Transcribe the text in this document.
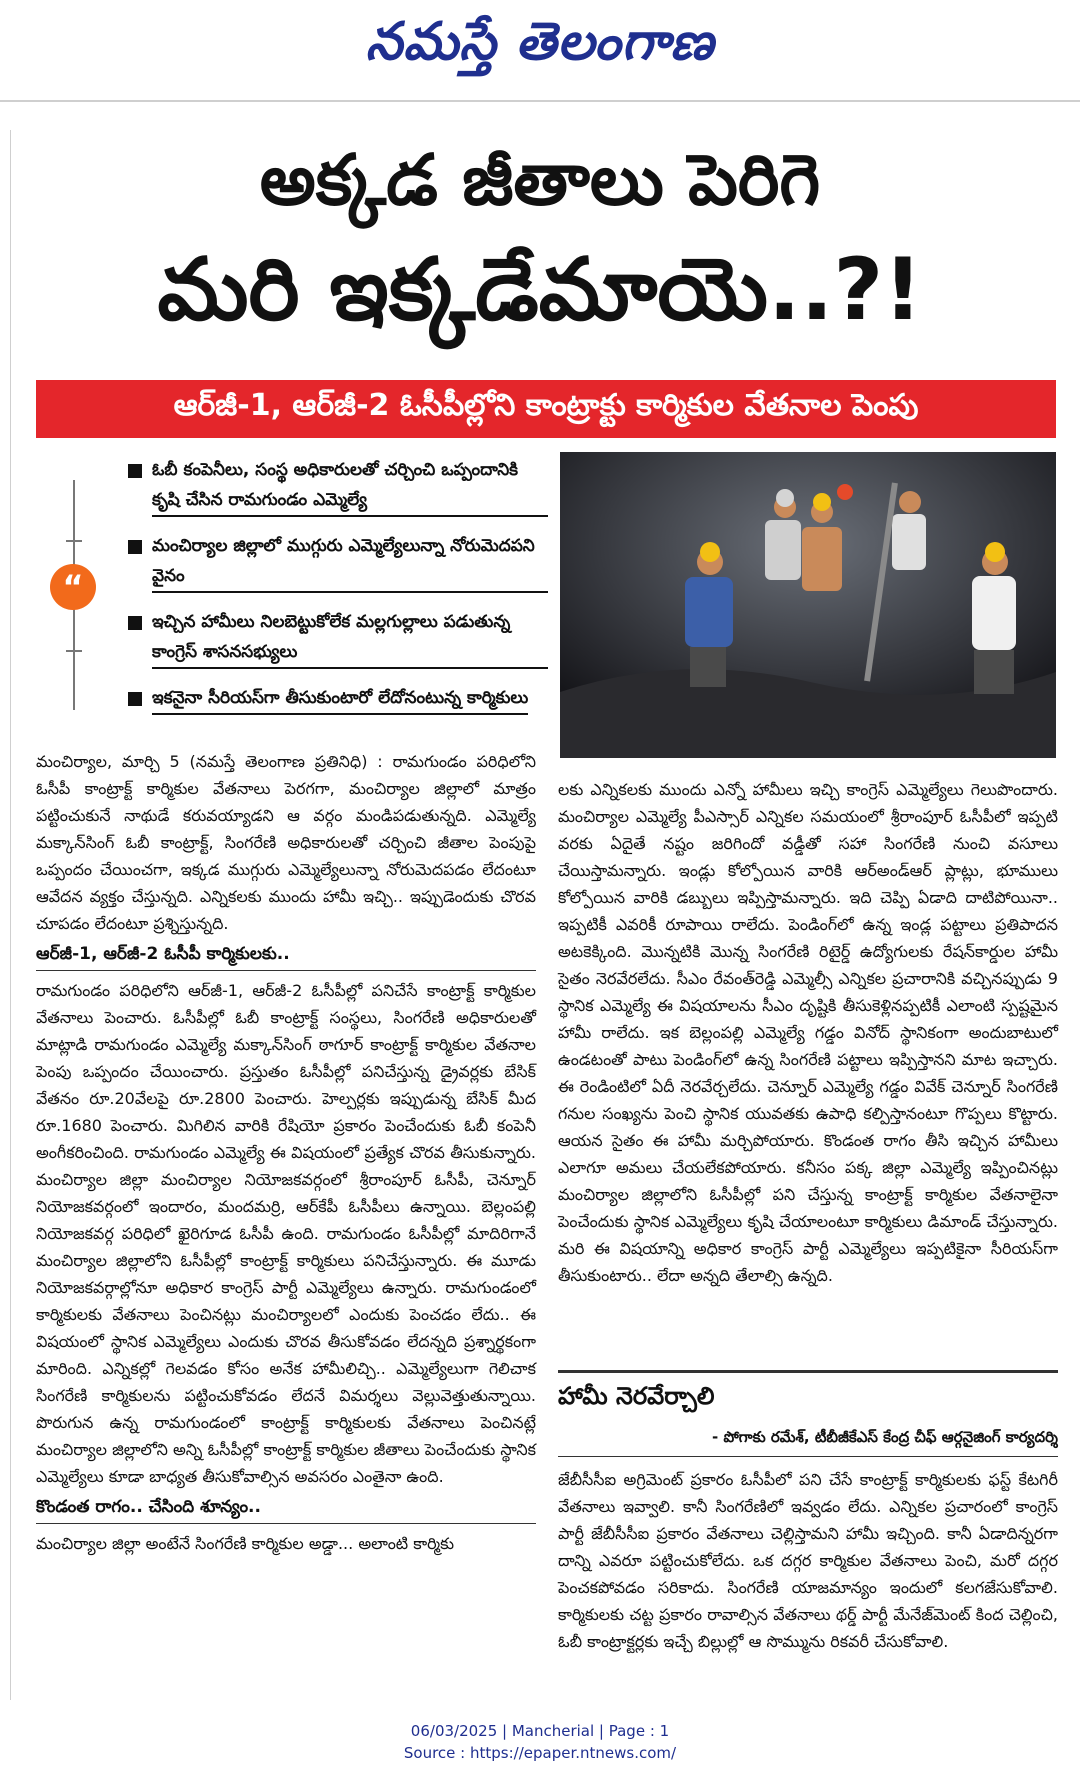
నమస్తే తెలంగాణ
అక్కడ జీతాలు పెరిగె
మరి ఇక్కడేమాయె..?!
ఆర్‌జీ-1, ఆర్‌జీ-2 ఓసీపీల్లోని కాంట్రాక్టు కార్మికుల వేతనాల పెంపు
“
ఓబీ కంపెనీలు, సంస్థ అధికారులతో చర్చించి ఒప్పందానికి కృషి చేసిన రామగుండం ఎమ్మెల్యే
మంచిర్యాల జిల్లాలో ముగ్గురు ఎమ్మెల్యేలున్నా నోరుమెదపని వైనం
ఇచ్చిన హామీలు నిలబెట్టుకోలేక మల్లగుల్లాలు పడుతున్న కాంగ్రెస్‌ శాసనసభ్యులు
ఇకనైనా సీరియస్‌గా తీసుకుంటారో లేదోనంటున్న కార్మికులు

మంచిర్యాల, మార్చి 5 (నమస్తే తెలంగాణ ప్రతినిధి) : రామగుండం పరిధిలోని ఓసీపీ కాంట్రాక్ట్‌ కార్మికుల వేతనాలు పెరగగా, మంచిర్యాల జిల్లాలో మాత్రం పట్టించుకునే నాథుడే కరువయ్యాడని ఆ వర్గం మండిపడుతున్నది. ఎమ్మెల్యే మక్కాన్‌సింగ్‌ ఓబీ కాంట్రాక్ట్‌, సింగరేణి అధికారులతో చర్చించి జీతాల పెంపుపై ఒప్పందం చేయించగా, ఇక్కడ ముగ్గురు ఎమ్మెల్యేలున్నా నోరుమెదపడం లేదంటూ ఆవేదన వ్యక్తం చేస్తున్నది. ఎన్నికలకు ముందు హామీ ఇచ్చి.. ఇప్పుడెందుకు చొరవ చూపడం లేదంటూ ప్రశ్నిస్తున్నది.

ఆర్‌జీ-1, ఆర్‌జీ-2 ఓసీపీ కార్మికులకు..

రామగుండం పరిధిలోని ఆర్‌జీ-1, ఆర్‌జీ-2 ఓసీపీల్లో పనిచేసే కాంట్రాక్ట్‌ కార్మికుల వేతనాలు పెంచారు. ఓసీపీల్లో ఓబీ కాంట్రాక్ట్‌ సంస్థలు, సింగరేణి అధికారులతో మాట్లాడి రామగుండం ఎమ్మెల్యే మక్కాన్‌సింగ్‌ ఠాగూర్‌ కాంట్రాక్ట్‌ కార్మికుల వేతనాల పెంపు ఒప్పందం చేయించారు. ప్రస్తుతం ఓసీపీల్లో పనిచేస్తున్న డ్రైవర్లకు బేసిక్‌ వేతనం రూ.20వేలపై రూ.2800 పెంచారు. హెల్పర్లకు ఇప్పుడున్న బేసిక్‌ మీద రూ.1680 పెంచారు. మిగిలిన వారికి రేషియో ప్రకారం పెంచేందుకు ఓబీ కంపెనీ అంగీకరించింది. రామగుండం ఎమ్మెల్యే ఈ విషయంలో ప్రత్యేక చొరవ తీసుకున్నారు. మంచిర్యాల జిల్లా మంచిర్యాల నియోజకవర్గంలో శ్రీరాంపూర్‌ ఓసీపీ, చెన్నూర్‌ నియోజకవర్గంలో ఇందారం, మందమర్రి, ఆర్‌కేపీ ఓసీపీలు ఉన్నాయి. బెల్లంపల్లి నియోజకవర్గ పరిధిలో ఖైరిగూడ ఓసీపీ ఉంది. రామగుండం ఓసీపీల్లో మాదిరిగానే మంచిర్యాల జిల్లాలోని ఓసీపీల్లో కాంట్రాక్ట్‌ కార్మికులు పనిచేస్తున్నారు. ఈ మూడు నియోజకవర్గాల్లోనూ అధికార కాంగ్రెస్‌ పార్టీ ఎమ్మెల్యేలు ఉన్నారు. రామగుండంలో కార్మికులకు వేతనాలు పెంచినట్లు మంచిర్యాలలో ఎందుకు పెంచడం లేదు.. ఈ విషయంలో స్థానిక ఎమ్మెల్యేలు ఎందుకు చొరవ తీసుకోవడం లేదన్నది ప్రశ్నార్థకంగా మారింది. ఎన్నికల్లో గెలవడం కోసం అనేక హామీలిచ్చి.. ఎమ్మెల్యేలుగా గెలిచాక సింగరేణి కార్మికులను పట్టించుకోవడం లేదనే విమర్శలు వెల్లువెత్తుతున్నాయి. పొరుగున ఉన్న రామగుండంలో కాంట్రాక్ట్‌ కార్మికులకు వేతనాలు పెంచినట్లే మంచిర్యాల జిల్లాలోని అన్ని ఓసీపీల్లో కాంట్రాక్ట్‌ కార్మికుల జీతాలు పెంచేందుకు స్థానిక ఎమ్మెల్యేలు కూడా బాధ్యత తీసుకోవాల్సిన అవసరం ఎంతైనా ఉంది.

కొండంత రాగం.. చేసింది శూన్యం..

మంచిర్యాల జిల్లా అంటేనే సింగరేణి కార్మికుల అడ్డా... అలాంటి కార్మికు

లకు ఎన్నికలకు ముందు ఎన్నో హామీలు ఇచ్చి కాంగ్రెస్‌ ఎమ్మెల్యేలు గెలుపొందారు. మంచిర్యాల ఎమ్మెల్యే పీఎస్సార్‌ ఎన్నికల సమయంలో శ్రీరాంపూర్‌ ఓసీపీలో ఇప్పటి వరకు ఏదైతే నష్టం జరిగిందో వడ్డీతో సహా సింగరేణి నుంచి వసూలు చేయిస్తామన్నారు. ఇండ్లు కోల్పోయిన వారికి ఆర్‌అండ్‌ఆర్‌ ప్లాట్లు, భూములు కోల్పోయిన వారికి డబ్బులు ఇప్పిస్తామన్నారు. ఇది చెప్పి ఏడాది దాటిపోయినా.. ఇప్పటికీ ఎవరికీ రూపాయి రాలేదు. పెండింగ్‌లో ఉన్న ఇండ్ల పట్టాలు ప్రతిపాదన అటకెక్కింది. మొన్నటికి మొన్న సింగరేణి రిటైర్డ్‌ ఉద్యోగులకు రేషన్‌కార్డుల హామీ సైతం నెరవేరలేదు. సీఎం రేవంత్‌రెడ్డి ఎమ్మెల్సీ ఎన్నికల ప్రచారానికి వచ్చినప్పుడు 9 స్థానిక ఎమ్మెల్యే ఈ విషయాలను సీఎం దృష్టికి తీసుకెళ్లినప్పటికీ ఎలాంటి స్పష్టమైన హామీ రాలేదు. ఇక బెల్లంపల్లి ఎమ్మెల్యే గడ్డం వినోద్‌ స్థానికంగా అందుబాటులో ఉండటంతో పాటు పెండింగ్‌లో ఉన్న సింగరేణి పట్టాలు ఇప్పిస్తానని మాట ఇచ్చారు. ఈ రెండింటిలో ఏదీ నెరవేర్చలేదు. చెన్నూర్‌ ఎమ్మెల్యే గడ్డం వివేక్‌ చెన్నూర్‌ సింగరేణి గనుల సంఖ్యను పెంచి స్థానిక యువతకు ఉపాధి కల్పిస్తానంటూ గొప్పలు కొట్టారు. ఆయన సైతం ఈ హామీ మర్చిపోయారు. కొండంత రాగం తీసి ఇచ్చిన హామీలు ఎలాగూ అమలు చేయలేకపోయారు. కనీసం పక్క జిల్లా ఎమ్మెల్యే ఇప్పించినట్లు మంచిర్యాల జిల్లాలోని ఓసీపీల్లో పని చేస్తున్న కాంట్రాక్ట్‌ కార్మికుల వేతనాలైనా పెంచేందుకు స్థానిక ఎమ్మెల్యేలు కృషి చేయాలంటూ కార్మికులు డిమాండ్‌ చేస్తున్నారు. మరి ఈ విషయాన్ని అధికార కాంగ్రెస్‌ పార్టీ ఎమ్మెల్యేలు ఇప్పటికైనా సీరియస్‌గా తీసుకుంటారు.. లేదా అన్నది తేలాల్సి ఉన్నది.

హామీ నెరవేర్చాలి
- పోగాకు రమేశ్‌, టీబీజీకేఎస్‌ కేంద్ర చీఫ్‌ ఆర్గనైజింగ్‌ కార్యదర్శి
జేబీసీసీఐ అగ్రిమెంట్‌ ప్రకారం ఓసీపీలో పని చేసే కాంట్రాక్ట్‌ కార్మికులకు ఫస్ట్‌ కేటగిరీ వేతనాలు ఇవ్వాలి. కానీ సింగరేణిలో ఇవ్వడం లేదు. ఎన్నికల ప్రచారంలో కాంగ్రెస్‌ పార్టీ జేబీసీసీఐ ప్రకారం వేతనాలు చెల్లిస్తామని హామీ ఇచ్చింది. కానీ ఏడాదిన్నరగా దాన్ని ఎవరూ పట్టించుకోలేదు. ఒక దగ్గర కార్మికుల వేతనాలు పెంచి, మరో దగ్గర పెంచకపోవడం సరికాదు. సింగరేణి యాజమాన్యం ఇందులో కలగజేసుకోవాలి. కార్మికులకు చట్ట ప్రకారం రావాల్సిన వేతనాలు థర్డ్‌ పార్టీ మేనేజ్‌మెంట్‌ కింద చెల్లించి, ఓబీ కాంట్రాక్టర్లకు ఇచ్చే బిల్లుల్లో ఆ సొమ్మును రికవరీ చేసుకోవాలి.
06/03/2025 | Mancherial | Page : 1
Source : https://epaper.ntnews.com/
